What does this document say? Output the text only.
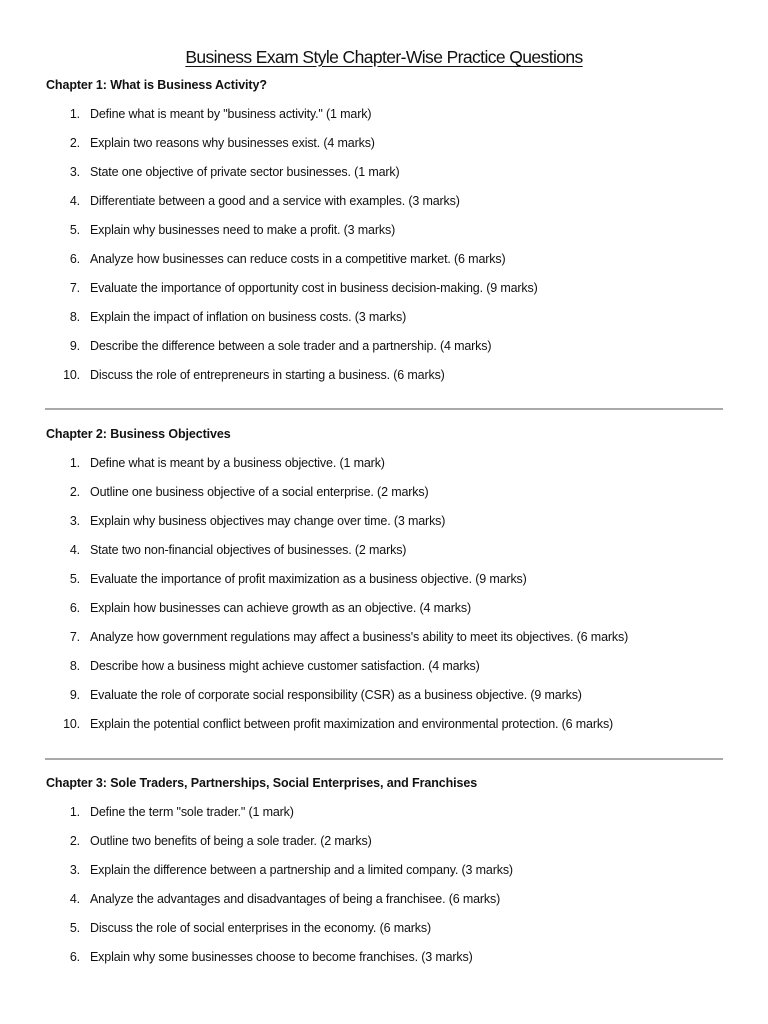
Business Exam Style Chapter-Wise Practice Questions
Chapter 1: What is Business Activity?
1. Define what is meant by "business activity." (1 mark)
2. Explain two reasons why businesses exist. (4 marks)
3. State one objective of private sector businesses. (1 mark)
4. Differentiate between a good and a service with examples. (3 marks)
5. Explain why businesses need to make a profit. (3 marks)
6. Analyze how businesses can reduce costs in a competitive market. (6 marks)
7. Evaluate the importance of opportunity cost in business decision-making. (9 marks)
8. Explain the impact of inflation on business costs. (3 marks)
9. Describe the difference between a sole trader and a partnership. (4 marks)
10. Discuss the role of entrepreneurs in starting a business. (6 marks)
Chapter 2: Business Objectives
1. Define what is meant by a business objective. (1 mark)
2. Outline one business objective of a social enterprise. (2 marks)
3. Explain why business objectives may change over time. (3 marks)
4. State two non-financial objectives of businesses. (2 marks)
5. Evaluate the importance of profit maximization as a business objective. (9 marks)
6. Explain how businesses can achieve growth as an objective. (4 marks)
7. Analyze how government regulations may affect a business's ability to meet its objectives. (6 marks)
8. Describe how a business might achieve customer satisfaction. (4 marks)
9. Evaluate the role of corporate social responsibility (CSR) as a business objective. (9 marks)
10. Explain the potential conflict between profit maximization and environmental protection. (6 marks)
Chapter 3: Sole Traders, Partnerships, Social Enterprises, and Franchises
1. Define the term "sole trader." (1 mark)
2. Outline two benefits of being a sole trader. (2 marks)
3. Explain the difference between a partnership and a limited company. (3 marks)
4. Analyze the advantages and disadvantages of being a franchisee. (6 marks)
5. Discuss the role of social enterprises in the economy. (6 marks)
6. Explain why some businesses choose to become franchises. (3 marks)
